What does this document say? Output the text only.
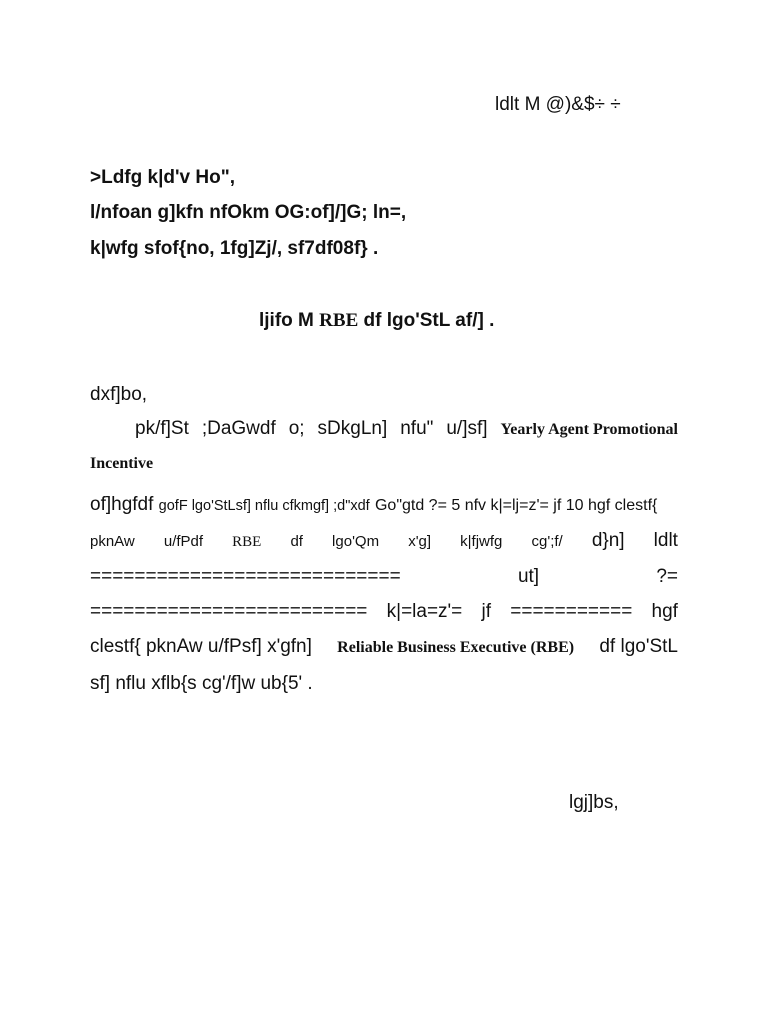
ldlt M @)&$÷ ÷
>Ldfg k|d'v Ho",
l/nfoan g]kfn nfOkm OG:of]/]G; ln=,
k|wfg sfof{no, 1fg]Zj/, sf7df08f} .
ljifo M RBE df lgo'StL af/] .
dxf]bo,
pk/f]St ;DaGwdf o; sDkgLn] nfu" u/]sf] Yearly Agent Promotional
Incentive
of]hgfdf gofF lgo'StLsf] nflu cfkmgf] ;d"xdf Go"gtd ?= 5 nfv k|=lj=z'= jf 10 hgf clestf{
pknAw u/fPdf RBE df lgo'Qm x'g] k|fjwfg cg';f/ d}n] ldlt
============================	ut]	?=
========================= k|=la=z'= jf =========== hgf
clestf{ pknAw u/fPsf] x'gfn] Reliable Business Executive (RBE) df lgo'StL
sf] nflu xflb{s cg'/f]w ub{5' .
lgj]bs,
